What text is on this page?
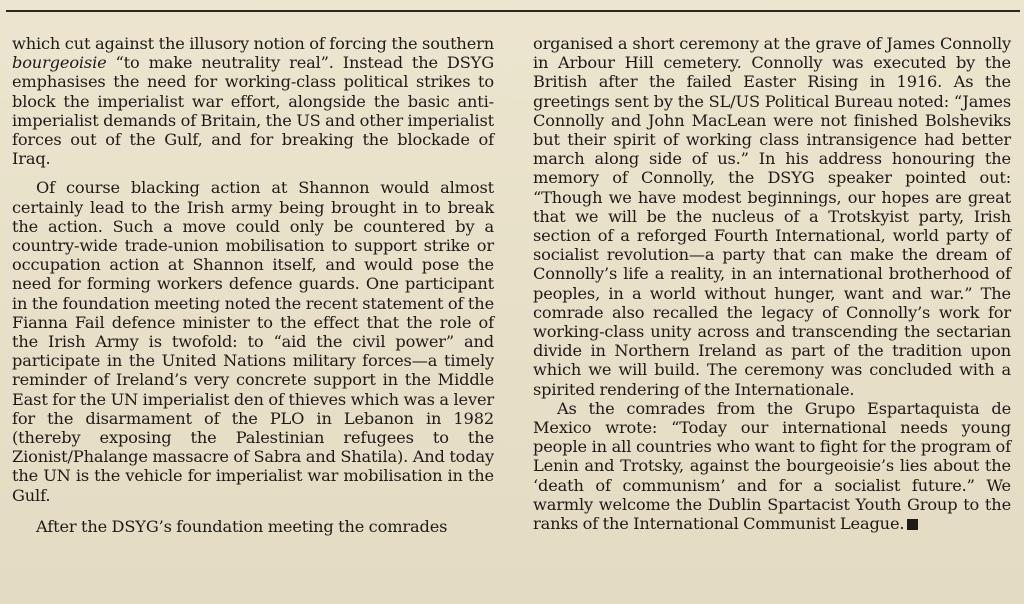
which cut against the illusory notion of forcing the southern bourgeoisie “to make neutrality real”. Instead the DSYG emphasises the need for working-class political strikes to block the imperialist war effort, alongside the basic anti-imperialist demands of Britain, the US and other imperialist forces out of the Gulf, and for breaking the blockade of Iraq.

Of course blacking action at Shannon would almost certainly lead to the Irish army being brought in to break the action. Such a move could only be countered by a country-wide trade-union mobilisation to support strike or occupation action at Shannon itself, and would pose the need for forming workers defence guards. One participant in the foundation meeting noted the recent statement of the Fianna Fail defence minister to the effect that the role of the Irish Army is twofold: to “aid the civil power” and participate in the United Nations military forces—a timely reminder of Ireland’s very concrete support in the Middle East for the UN imperialist den of thieves which was a lever for the disarmament of the PLO in Lebanon in 1982 (thereby exposing the Palestinian refugees to the Zionist/Phalange massacre of Sabra and Shatila). And today the UN is the vehicle for imperialist war mobilisation in the Gulf.

After the DSYG’s foundation meeting the comrades

organised a short ceremony at the grave of James Connolly in Arbour Hill cemetery. Connolly was executed by the British after the failed Easter Rising in 1916. As the greetings sent by the SL/US Political Bureau noted: “James Connolly and John MacLean were not finished Bolsheviks but their spirit of working class intransigence had better march along side of us.” In his address honouring the memory of Connolly, the DSYG speaker pointed out: “Though we have modest beginnings, our hopes are great that we will be the nucleus of a Trotskyist party, Irish section of a reforged Fourth International, world party of socialist revolution—a party that can make the dream of Connolly’s life a reality, in an international brotherhood of peoples, in a world without hunger, want and war.” The comrade also recalled the legacy of Connolly’s work for working-class unity across and transcending the sectarian divide in Northern Ireland as part of the tradition upon which we will build. The ceremony was concluded with a spirited rendering of the Internationale.

As the comrades from the Grupo Espartaquista de Mexico wrote: “Today our international needs young people in all countries who want to fight for the program of Lenin and Trotsky, against the bourgeoisie’s lies about the ‘death of communism’ and for a socialist future.” We warmly welcome the Dublin Spartacist Youth Group to the ranks of the International Communist League.
